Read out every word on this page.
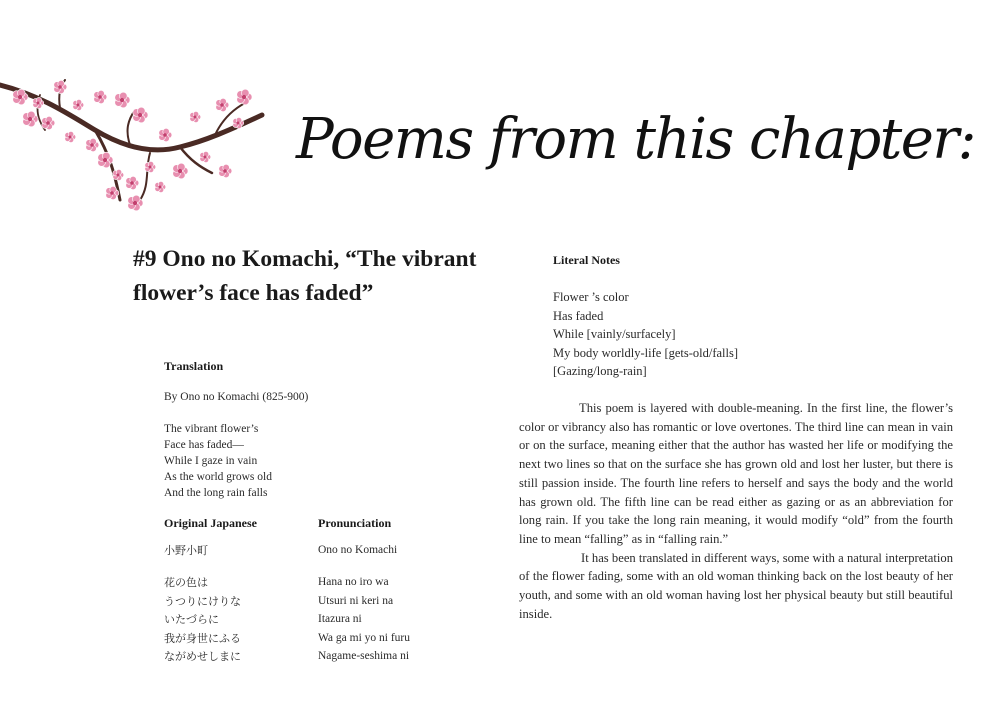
Poems from this chapter:
#9 Ono no Komachi, “The vibrant flower’s face has faded”
Translation
By Ono no Komachi (825-900)
The vibrant flower’s
Face has faded—
While I gaze in vain
As the world grows old
And the long rain falls
Original Japanese
小野小町
花の色は
うつりにけりな
いたづらに
我が身世にふる
ながめせしまに
Pronunciation
Ono no Komachi
Hana no iro wa
Utsuri ni keri na
Itazura ni
Wa ga mi yo ni furu
Nagame-seshima ni
Literal Notes
Flower ’s color
Has faded
While [vainly/surfacely]
My body worldly-life [gets-old/falls]
[Gazing/long-rain]

This poem is layered with double-meaning. In the first line, the flower’s color or vibrancy also has romantic or love overtones. The third line can mean in vain or on the surface, meaning either that the author has wasted her life or modifying the next two lines so that on the surface she has grown old and lost her luster, but there is still passion inside. The fourth line refers to herself and says the body and the world has grown old. The fifth line can be read either as gazing or as an abbreviation for long rain. If you take the long rain meaning, it would modify “old” from the fourth line to mean “falling” as in “falling rain.”

It has been translated in different ways, some with a natural interpretation of the flower fading, some with an old woman thinking back on the lost beauty of her youth, and some with an old woman having lost her physical beauty but still beautiful inside.
